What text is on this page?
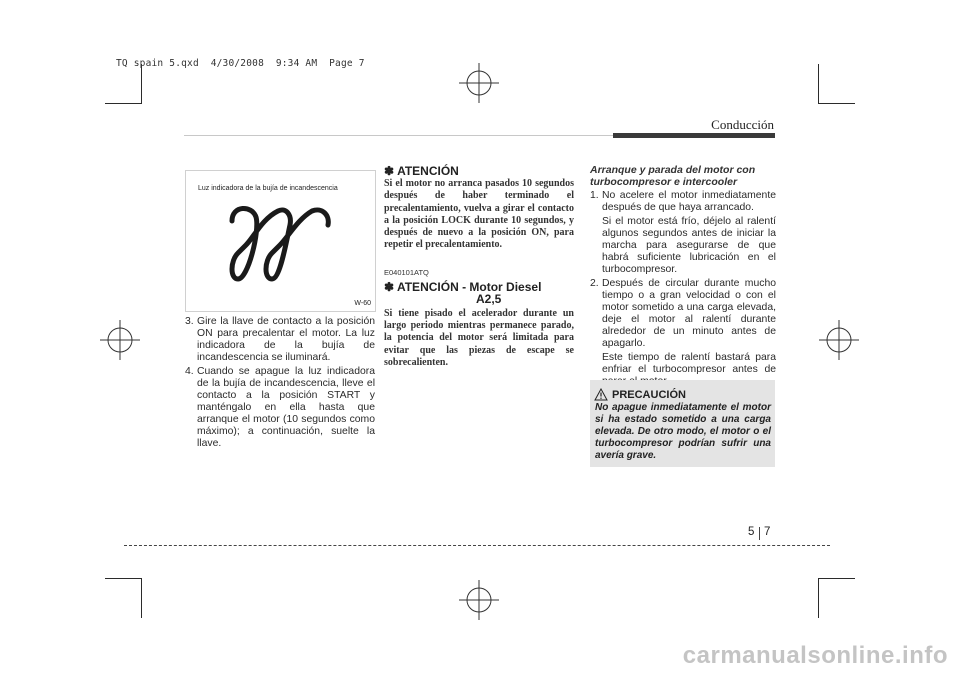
TQ spain 5.qxd  4/30/2008  9:34 AM  Page 7
Conducción
Luz indicadora de la bujía de incandescencia
W-60
3. Gire la llave de contacto a la posición ON para precalentar el motor. La luz indicadora de la bujía de incandescencia se iluminará.
4. Cuando se apague la luz indicadora de la bujía de incandescencia, lleve el contacto a la posición START y manténgalo en ella hasta que arranque el motor (10 segundos como máximo); a continuación, suelte la llave.
✽ ATENCIÓN
Si el motor no arranca pasados 10 segundos después de haber terminado el precalentamiento, vuelva a girar el contacto a la posición LOCK durante 10 segundos, y después de nuevo a la posición ON, para repetir el precalentamiento.
E040101ATQ
✽ ATENCIÓN - Motor Diesel
A2,5
Si tiene pisado el acelerador durante un largo periodo mientras permanece parado, la potencia del motor será limitada para evitar que las piezas de escape se sobrecalienten.
Arranque y parada del motor con
turbocompresor e intercooler
1. No acelere el motor inmediatamente después de que haya arrancado.
Si el motor está frío, déjelo al ralentí algunos segundos antes de iniciar la marcha para asegurarse de que habrá suficiente lubricación en el turbocompresor.
2. Después de circular durante mucho tiempo o a gran velocidad o con el motor sometido a una carga elevada, deje el motor al ralentí durante alrededor de un minuto antes de apagarlo.
Este tiempo de ralentí bastará para enfriar el turbocompresor antes de
PRECAUCIÓN
No apague inmediatamente el motor si ha estado sometido a una carga elevada. De otro modo, el motor o el turbocompresor podrían sufrir una avería grave.
5 7
carmanualsonline.info
